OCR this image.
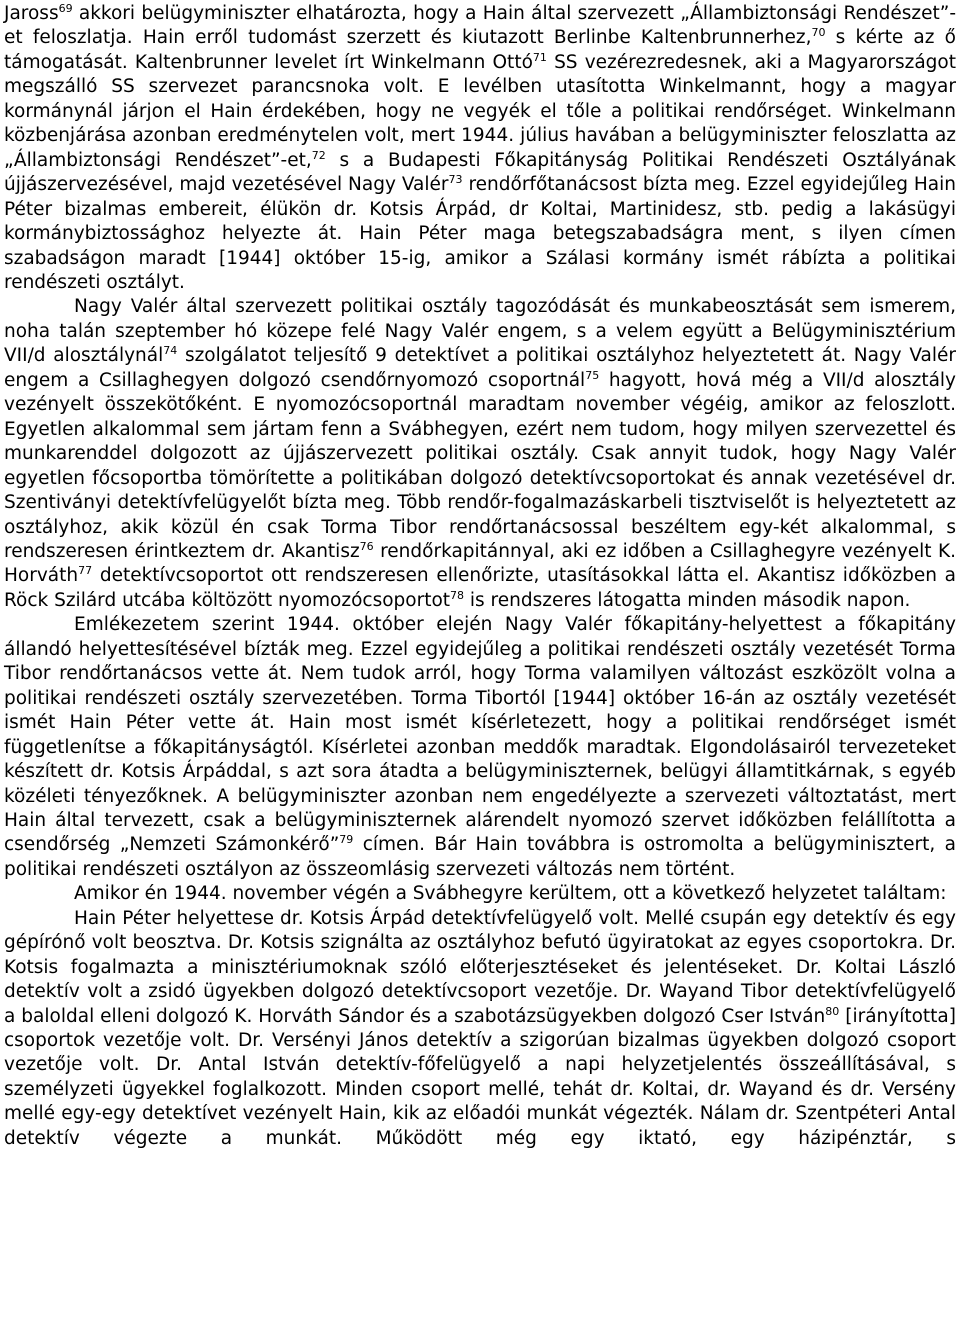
Jaross$^{69}$ akkori belügyminiszter elhatározta, hogy a Hain által szervezett „Állambiztonsági Rendészet”-et feloszlatja. Hain erről tudomást szerzett és kiutazott Berlinbe Kaltenbrunnerhez,$^{70}$ s kérte az ő támogatását. Kaltenbrunner levelet írt Winkelmann Ottó$^{71}$ SS vezérezredesnek, aki a Magyarországot megszálló SS szervezet parancsnoka volt. E levélben utasította Winkelmannt, hogy a magyar kormánynál járjon el Hain érdekében, hogy ne vegyék el tőle a politikai rendőrséget. Winkelmann közbenjárása azonban eredménytelen volt, mert 1944. július havában a belügyminiszter feloszlatta az „Állambiztonsági Rendészet”-et,$^{72}$ s a Budapesti Főkapitányság Politikai Rendészeti Osztályának újjászervezésével, majd vezetésével Nagy Valér$^{73}$ rendőrfőtanácsost bízta meg. Ezzel egyidejűleg Hain Péter bizalmas embereit, élükön dr. Kotsis Árpád, dr Koltai, Martinidesz, stb. pedig a lakásügyi kormánybiztossághoz helyezte át. Hain Péter maga betegszabadságra ment, s ilyen címen szabadságon maradt [1944] október 15-ig, amikor a Szálasi kormány ismét rábízta a politikai rendészeti osztályt.

Nagy Valér által szervezett politikai osztály tagozódását és munkabeosztását sem ismerem, noha talán szeptember hó közepe felé Nagy Valér engem, s a velem együtt a Belügyminisztérium VII/d alosztálynál$^{74}$ szolgálatot teljesítő 9 detektívet a politikai osztályhoz helyeztetett át. Nagy Valér engem a Csillaghegyen dolgozó csendőrnyomozó csoportnál$^{75}$ hagyott, hová még a VII/d alosztály vezényelt összekötőként. E nyomozócsoportnál maradtam november végéig, amikor az feloszlott. Egyetlen alkalommal sem jártam fenn a Svábhegyen, ezért nem tudom, hogy milyen szervezettel és munkarenddel dolgozott az újjászervezett politikai osztály. Csak annyit tudok, hogy Nagy Valér egyetlen főcsoportba tömörítette a politikában dolgozó detektívcsoportokat és annak vezetésével dr. Szentiványi detektívfelügyelőt bízta meg. Több rendőr-fogalmazáskarbeli tisztviselőt is helyeztetett az osztályhoz, akik közül én csak Torma Tibor rendőrtanácsossal beszéltem egy-két alkalommal, s rendszeresen érintkeztem dr. Akantisz$^{76}$ rendőrkapitánnyal, aki ez időben a Csillaghegyre vezényelt K. Horváth$^{77}$ detektívcsoportot ott rendszeresen ellenőrizte, utasításokkal látta el. Akantisz időközben a Röck Szilárd utcába költözött nyomozócsoportot$^{78}$ is rendszeres látogatta minden második napon.

Emlékezetem szerint 1944. október elején Nagy Valér főkapitány-helyettest a főkapitány állandó helyettesítésével bízták meg. Ezzel egyidejűleg a politikai rendészeti osztály vezetését Torma Tibor rendőrtanácsos vette át. Nem tudok arról, hogy Torma valamilyen változást eszközölt volna a politikai rendészeti osztály szervezetében. Torma Tibortól [1944] október 16-án az osztály vezetését ismét Hain Péter vette át. Hain most ismét kísérletezett, hogy a politikai rendőrséget ismét függetlenítse a főkapitányságtól. Kísérletei azonban meddők maradtak. Elgondolásairól tervezeteket készített dr. Kotsis Árpáddal, s azt sora átadta a belügyminiszternek, belügyi államtitkárnak, s egyéb közéleti tényezőknek. A belügyminiszter azonban nem engedélyezte a szervezeti változtatást, mert Hain által tervezett, csak a belügyminiszternek alárendelt nyomozó szervet időközben felállította a csendőrség „Nemzeti Számonkérő”$^{79}$ címen. Bár Hain továbbra is ostromolta a belügyminisztert, a politikai rendészeti osztályon az összeomlásig szervezeti változás nem történt.

Amikor én 1944. november végén a Svábhegyre kerültem, ott a következő helyzetet találtam:

Hain Péter helyettese dr. Kotsis Árpád detektívfelügyelő volt. Mellé csupán egy detektív és egy gépírónő volt beosztva. Dr. Kotsis szignálta az osztályhoz befutó ügyiratokat az egyes csoportokra. Dr. Kotsis fogalmazta a minisztériumoknak szóló előterjesztéseket és jelentéseket. Dr. Koltai László detektív volt a zsidó ügyekben dolgozó detektívcsoport vezetője. Dr. Wayand Tibor detektívfelügyelő a baloldal elleni dolgozó K. Horváth Sándor és a szabotázsügyekben dolgozó Cser István$^{80}$ [irányította] csoportok vezetője volt. Dr. Versényi János detektív a szigorúan bizalmas ügyekben dolgozó csoport vezetője volt. Dr. Antal István detektív-főfelügyelő a napi helyzetjelentés összeállításával, s személyzeti ügyekkel foglalkozott. Minden csoport mellé, tehát dr. Koltai, dr. Wayand és dr. Versény mellé egy-egy detektívet vezényelt Hain, kik az előadói munkát végezték. Nálam dr. Szentpéteri Antal detektív végezte a munkát. Működött még egy iktató, egy házipénztár, s
